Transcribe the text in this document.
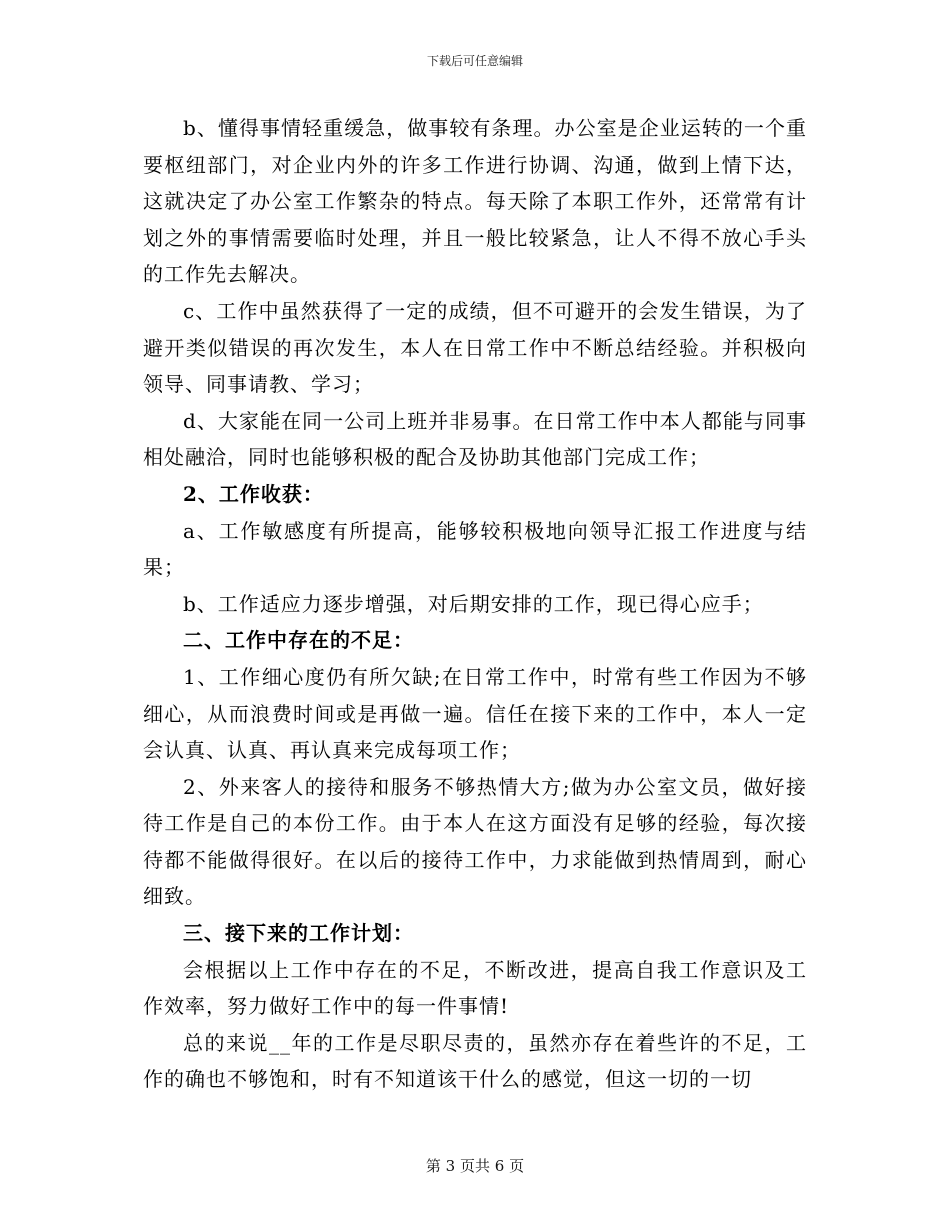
下载后可任意编辑

b、懂得事情轻重缓急，做事较有条理。办公室是企业运转的一个重要枢纽部门，对企业内外的许多工作进行协调、沟通，做到上情下达，这就决定了办公室工作繁杂的特点。每天除了本职工作外，还常常有计划之外的事情需要临时处理，并且一般比较紧急，让人不得不放心手头的工作先去解决。

c、工作中虽然获得了一定的成绩，但不可避开的会发生错误，为了避开类似错误的再次发生，本人在日常工作中不断总结经验。并积极向领导、同事请教、学习；

d、大家能在同一公司上班并非易事。在日常工作中本人都能与同事相处融洽，同时也能够积极的配合及协助其他部门完成工作；

2、工作收获：

a、工作敏感度有所提高，能够较积极地向领导汇报工作进度与结果；

b、工作适应力逐步增强，对后期安排的工作，现已得心应手；

二、工作中存在的不足：

1、工作细心度仍有所欠缺;在日常工作中，时常有些工作因为不够细心，从而浪费时间或是再做一遍。信任在接下来的工作中，本人一定会认真、认真、再认真来完成每项工作；

2、外来客人的接待和服务不够热情大方;做为办公室文员，做好接待工作是自己的本份工作。由于本人在这方面没有足够的经验，每次接待都不能做得很好。在以后的接待工作中，力求能做到热情周到，耐心细致。

三、接下来的工作计划：

会根据以上工作中存在的不足，不断改进，提高自我工作意识及工作效率，努力做好工作中的每一件事情!

总的来说__年的工作是尽职尽责的，虽然亦存在着些许的不足，工作的确也不够饱和，时有不知道该干什么的感觉，但这一切的一切

第 3 页共 6 页
